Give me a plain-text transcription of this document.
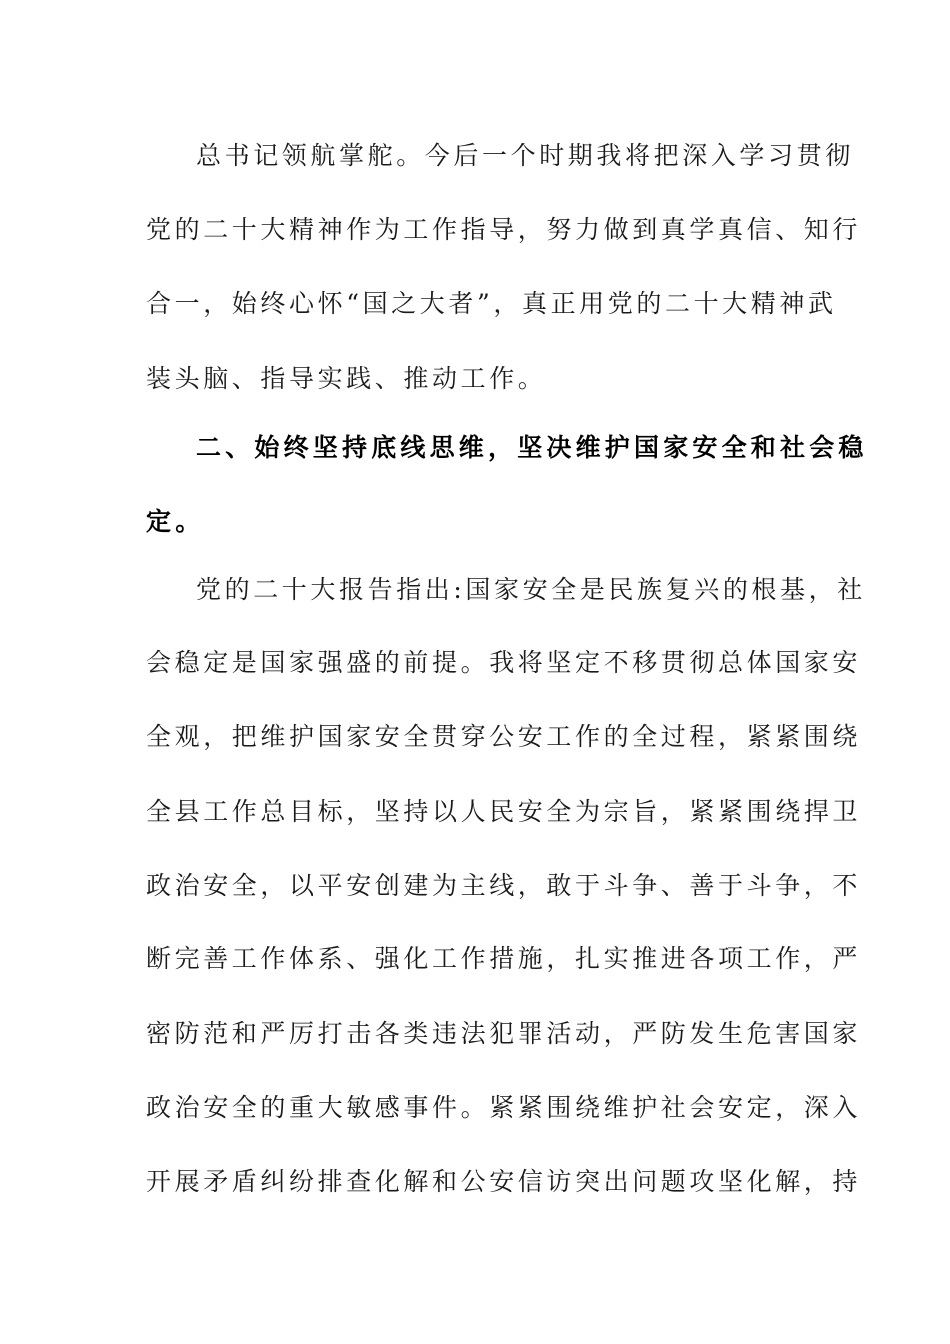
总书记领航掌舵。今后一个时期我将把深入学习贯彻
党的二十大精神作为工作指导，努力做到真学真信、知行
合一，始终心怀“国之大者”，真正用党的二十大精神武
装头脑、指导实践、推动工作。
二、始终坚持底线思维，坚决维护国家安全和社会稳
定。
党的二十大报告指出:国家安全是民族复兴的根基，社
会稳定是国家强盛的前提。我将坚定不移贯彻总体国家安
全观，把维护国家安全贯穿公安工作的全过程，紧紧围绕
全县工作总目标，坚持以人民安全为宗旨，紧紧围绕捍卫
政治安全，以平安创建为主线，敢于斗争、善于斗争，不
断完善工作体系、强化工作措施，扎实推进各项工作，严
密防范和严厉打击各类违法犯罪活动，严防发生危害国家
政治安全的重大敏感事件。紧紧围绕维护社会安定，深入
开展矛盾纠纷排查化解和公安信访突出问题攻坚化解，持
